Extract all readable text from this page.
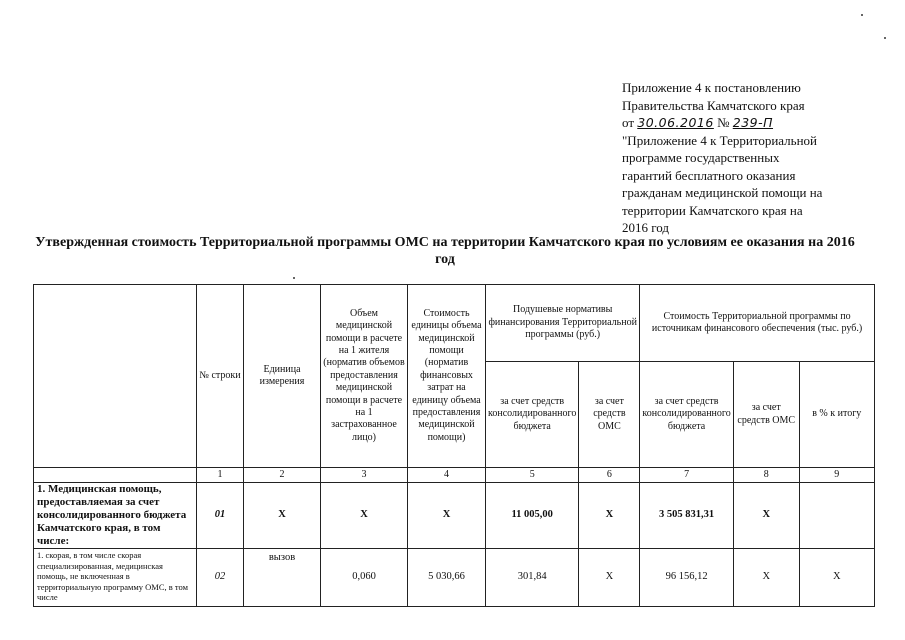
Приложение 4 к постановлению
Правительства Камчатского края
от 30.06.2016 № 239-П
"Приложение 4 к Территориальной
программе государственных
гарантий бесплатного оказания
гражданам медицинской помощи на
территории Камчатского края на
2016 год
Утвержденная стоимость Территориальной программы ОМС на территории Камчатского края по условиям ее оказания на 2016 год
	№ строки	Единица измерения	Объем медицинской помощи в расчете на 1 жителя (норматив объемов предоставления медицинской помощи в расчете на 1 застрахованное лицо)	Стоимость единицы объема медицинской помощи (норматив финансовых затрат на единицу объема предоставления медицинской помощи)	Подушевые нормативы финансирования Территориальной программы (руб.)		Стоимость Территориальной программы по источникам финансового обеспечения (тыс. руб.)		
					за счет средств консолидированного бюджета	за счет средств ОМС	за счет средств консолидированного бюджета	за счет средств ОМС	в % к итогу
	1	2	3	4	5	6	7	8	9
1. Медицинская помощь, предоставляемая за счет консолидированного бюджета Камчатского края, в том числе:	01	X	X	X	11 005,00	X	3 505 831,31	X	
1. скорая, в том числе скорая специализированная, медицинская помощь, не включенная в территориальную программу ОМС, в том числе	02	вызов	0,060	5 030,66	301,84	X	96 156,12	X	X
